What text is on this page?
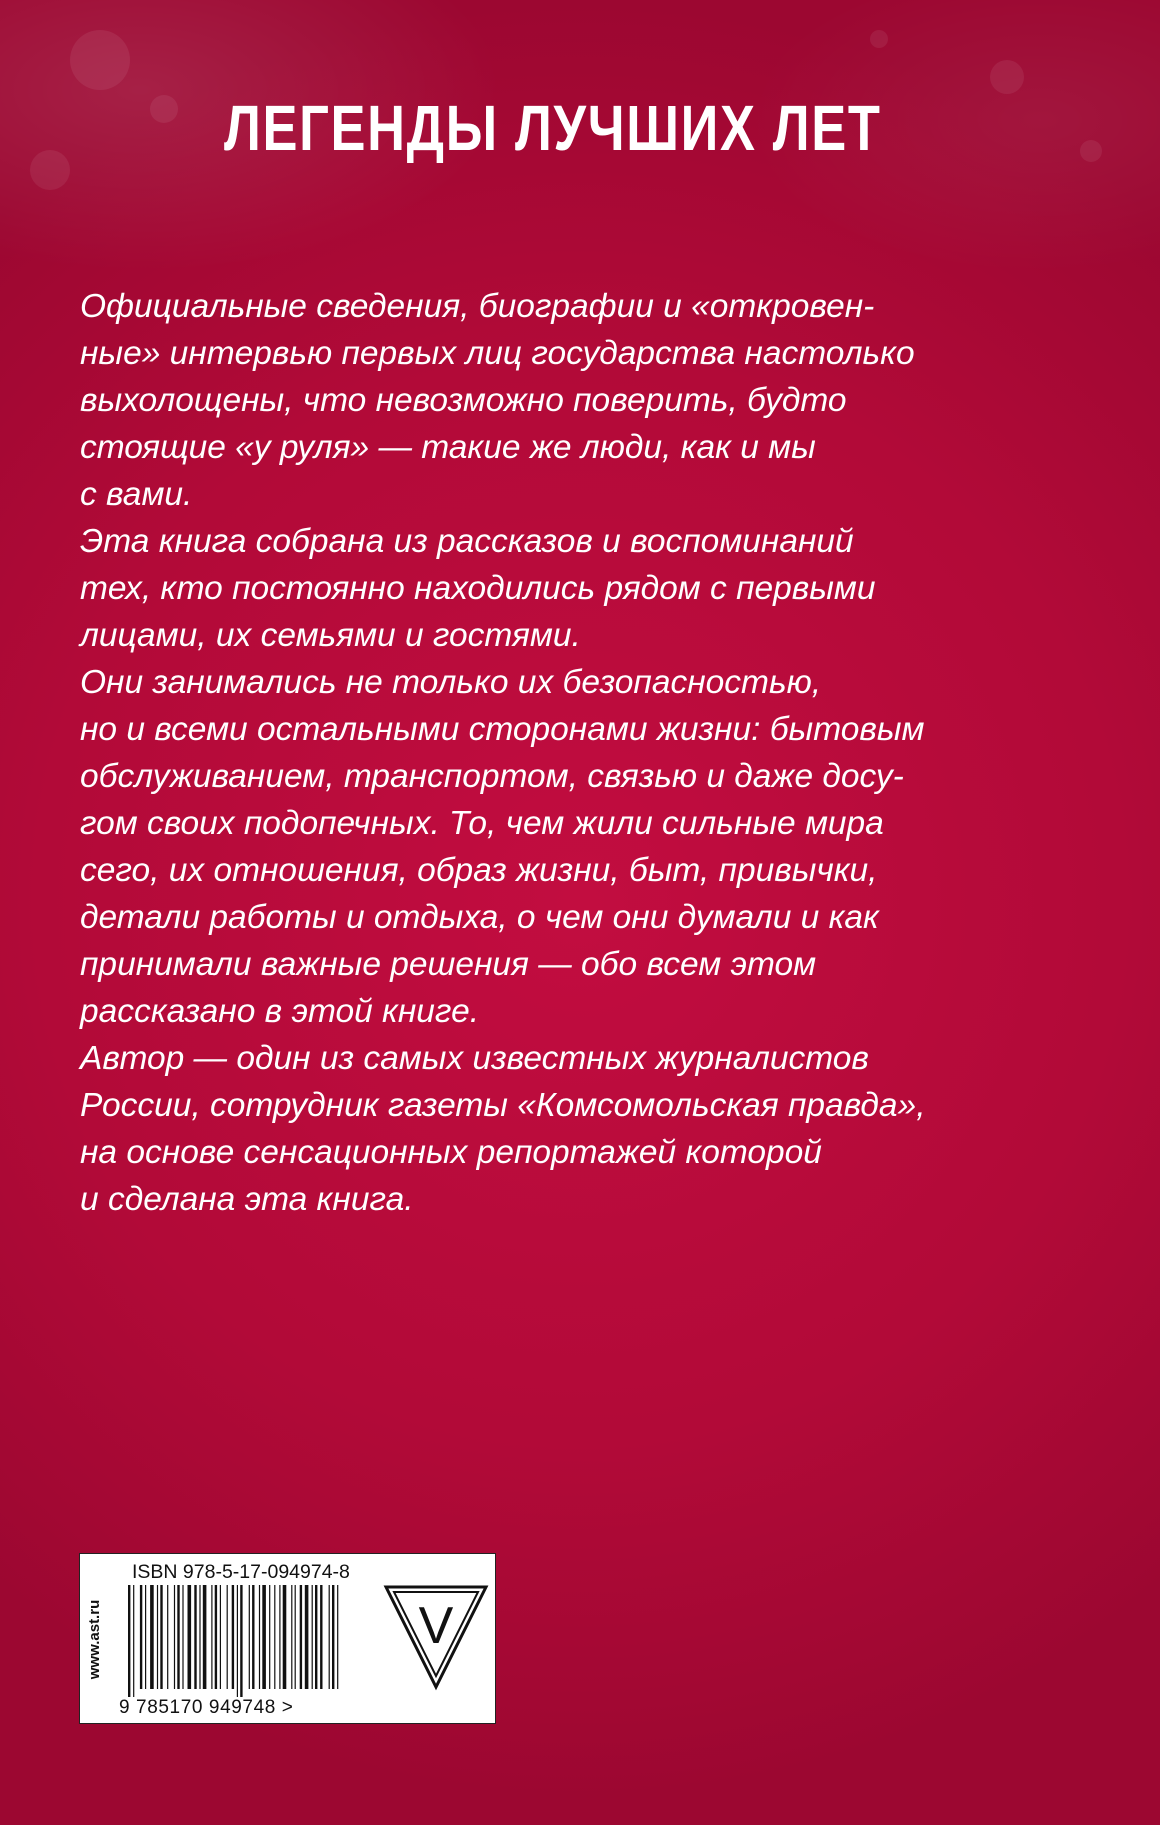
ЛЕГЕНДЫ ЛУЧШИХ ЛЕТ
Официальные сведения, биографии и «откровен-
ные» интервью первых лиц государства настолько
выхолощены, что невозможно поверить, будто
стоящие «у руля» — такие же люди, как и мы
с вами.
Эта книга собрана из рассказов и воспоминаний
тех, кто постоянно находились рядом с первыми
лицами, их семьями и гостями.
Они занимались не только их безопасностью,
но и всеми остальными сторонами жизни: бытовым
обслуживанием, транспортом, связью и даже досу-
гом своих подопечных. То, чем жили сильные мира
сего, их отношения, образ жизни, быт, привычки,
детали работы и отдыха, о чем они думали и как
принимали важные решения — обо всем этом
рассказано в этой книге.
Автор — один из самых известных журналистов
России, сотрудник газеты «Комсомольская правда»,
на основе сенсационных репортажей которой
и сделана эта книга.
www.ast.ru
ISBN 978-5-17-094974-8
9 785170 949748 >
V
